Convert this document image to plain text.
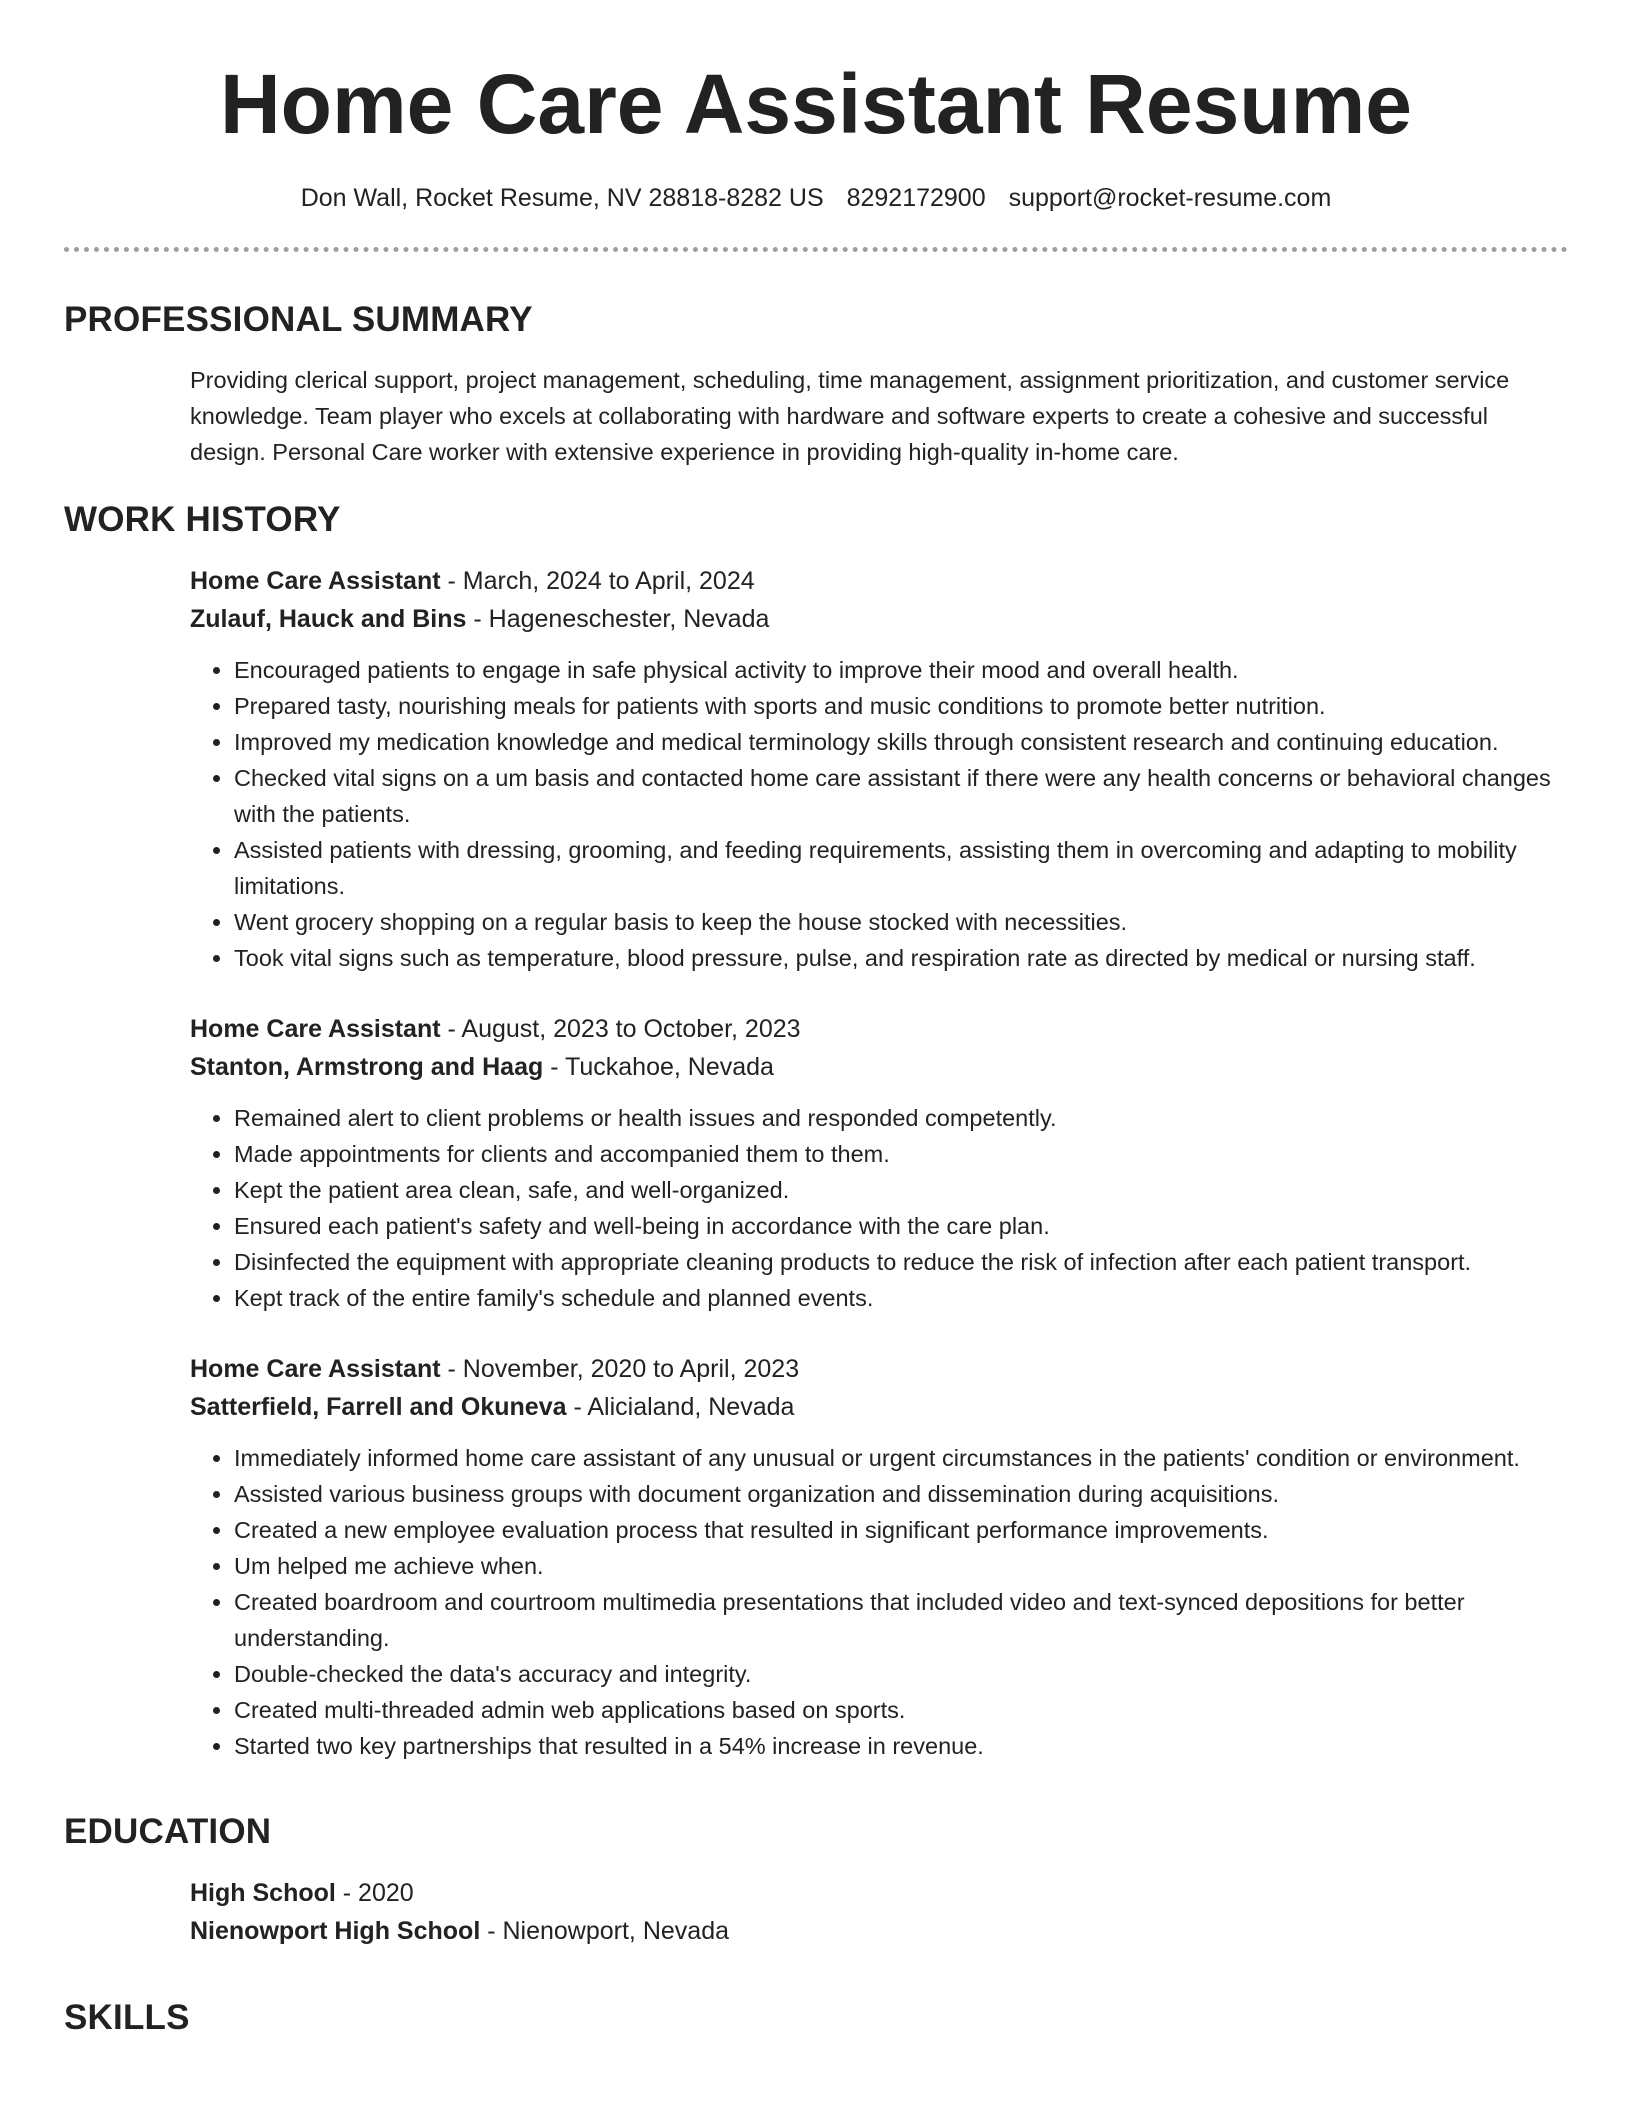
Home Care Assistant Resume
Don Wall, Rocket Resume, NV 28818-8282 US 8292172900 support@rocket-resume.com
PROFESSIONAL SUMMARY
Providing clerical support, project management, scheduling, time management, assignment prioritization, and customer service knowledge. Team player who excels at collaborating with hardware and software experts to create a cohesive and successful design. Personal Care worker with extensive experience in providing high-quality in-home care.
WORK HISTORY
Home Care Assistant - March, 2024 to April, 2024
Zulauf, Hauck and Bins - Hageneschester, Nevada
• Encouraged patients to engage in safe physical activity to improve their mood and overall health.
• Prepared tasty, nourishing meals for patients with sports and music conditions to promote better nutrition.
• Improved my medication knowledge and medical terminology skills through consistent research and continuing education.
• Checked vital signs on a um basis and contacted home care assistant if there were any health concerns or behavioral changes with the patients.
• Assisted patients with dressing, grooming, and feeding requirements, assisting them in overcoming and adapting to mobility limitations.
• Went grocery shopping on a regular basis to keep the house stocked with necessities.
• Took vital signs such as temperature, blood pressure, pulse, and respiration rate as directed by medical or nursing staff.
Home Care Assistant - August, 2023 to October, 2023
Stanton, Armstrong and Haag - Tuckahoe, Nevada
• Remained alert to client problems or health issues and responded competently.
• Made appointments for clients and accompanied them to them.
• Kept the patient area clean, safe, and well-organized.
• Ensured each patient's safety and well-being in accordance with the care plan.
• Disinfected the equipment with appropriate cleaning products to reduce the risk of infection after each patient transport.
• Kept track of the entire family's schedule and planned events.
Home Care Assistant - November, 2020 to April, 2023
Satterfield, Farrell and Okuneva - Alicialand, Nevada
• Immediately informed home care assistant of any unusual or urgent circumstances in the patients' condition or environment.
• Assisted various business groups with document organization and dissemination during acquisitions.
• Created a new employee evaluation process that resulted in significant performance improvements.
• Um helped me achieve when.
• Created boardroom and courtroom multimedia presentations that included video and text-synced depositions for better understanding.
• Double-checked the data's accuracy and integrity.
• Created multi-threaded admin web applications based on sports.
• Started two key partnerships that resulted in a 54% increase in revenue.
EDUCATION
High School - 2020
Nienowport High School - Nienowport, Nevada
SKILLS
